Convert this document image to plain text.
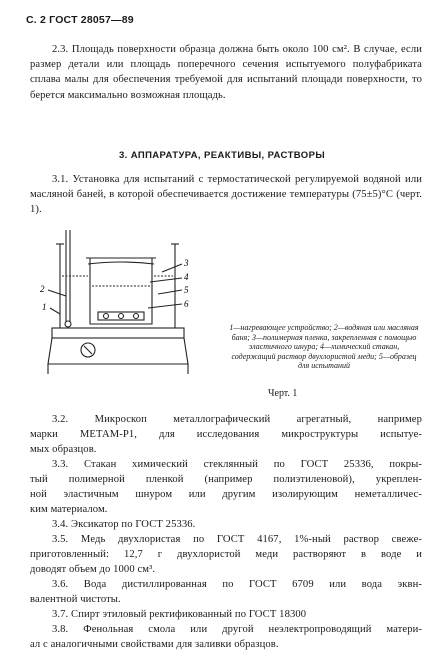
С. 2 ГОСТ 28057—89
2.3. Площадь поверхности образца должна быть около 100 см². В случае, если размер детали или площадь поперечного сечения испытуемого полуфабриката сплава малы для обеспечения требуемой для испытаний площади поверхности, то берется максимально возможная площадь.
3. АППАРАТУРА, РЕАКТИВЫ, РАСТВОРЫ
3.1. Установка для испытаний с термостатической регулируемой водяной или масляной баней, в которой обеспечивается достижение температуры (75±5)°С (черт. 1).
3
4
5
6
2
1
1—нагревающее устройство; 2—водяная или масляная баня; 3—полимерная пленка, закрепленная с помощью эластичного шнура; 4—химический стакан, содержащий раствор двухлористой меди; 5—образец для испытаний
Черт. 1
3.2. Микроскоп металлографический агрегатный, например
марки МЕТАМ-Р1, для исследования микроструктуры испытуе-
мых образцов.
3.3. Стакан химический стеклянный по ГОСТ 25336, покры-
тый полимерной пленкой (например полиэтиленовой), укреплен-
ной эластичным шнуром или другим изолирующим неметалличес-
ким материалом.
3.4. Эксикатор по ГОСТ 25336.
3.5. Медь двухлористая по ГОСТ 4167, 1%-ный раствор свеже-
приготовленный: 12,7 г двухлористой меди растворяют в воде и
доводят объем до 1000 см³.
3.6. Вода дистиллированная по ГОСТ 6709 или вода эквн-
валентной чистоты.
3.7. Спирт этиловый ректификованный по ГОСТ 18300
3.8. Фенольная смола или другой неэлектропроводящий матери-
ал с аналогичными свойствами для заливки образцов.
